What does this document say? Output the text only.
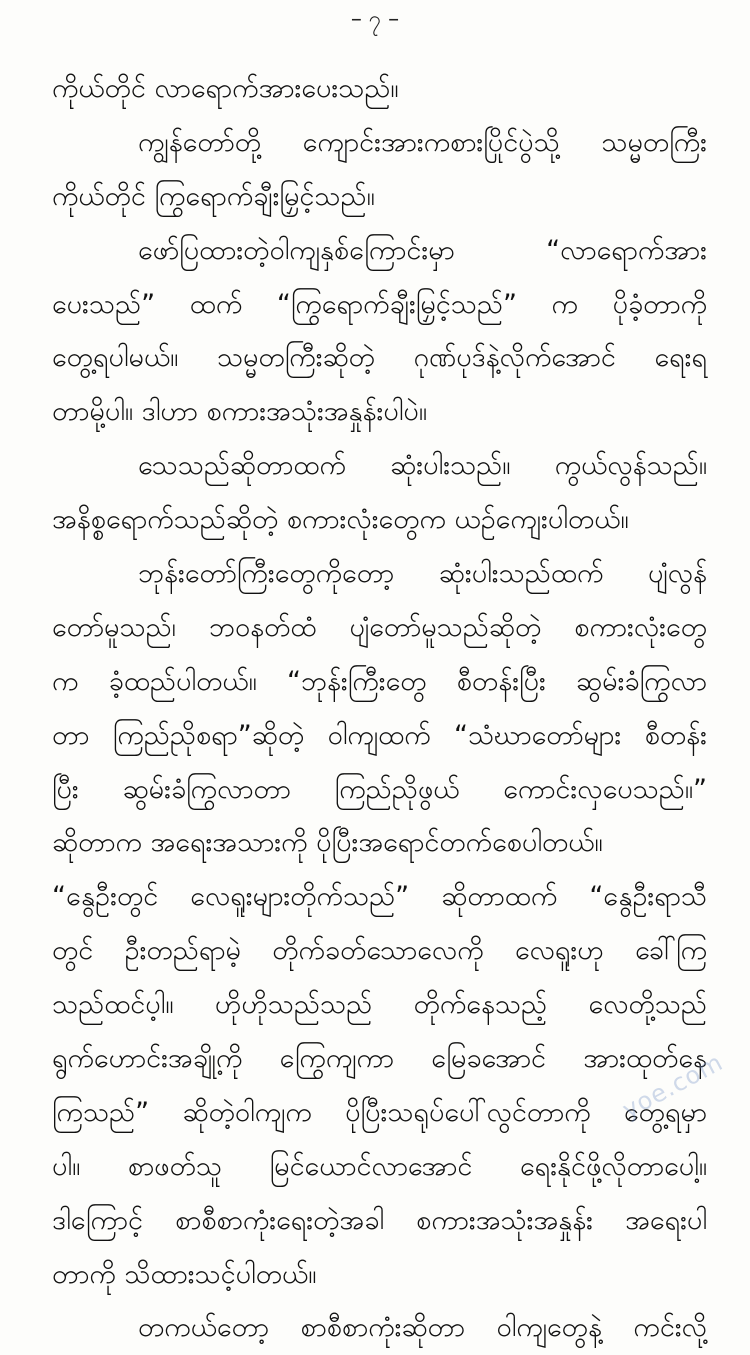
– ၇ –
ကိုယ်တိုင် လာရောက်အားပေးသည်။
ကျွန်တော်တို့ ကျောင်းအားကစားပြိုင်ပွဲသို့ သမ္မတကြီး
ကိုယ်တိုင် ကြွရောက်ချီးမြှင့်သည်။
ဖော်ပြထားတဲ့ဝါကျနှစ်ကြောင်းမှာ “လာရောက်အား
ပေးသည်” ထက် “ကြွရောက်ချီးမြှင့်သည်” က ပိုခံ့တာကို
တွေ့ရပါမယ်။ သမ္မတကြီးဆိုတဲ့ ဂုဏ်ပုဒ်နဲ့လိုက်အောင် ရေးရ
တာမို့ပါ။ ဒါဟာ စကားအသုံးအနှုန်းပါပဲ။
သေသည်ဆိုတာထက် ဆုံးပါးသည်။ ကွယ်လွန်သည်။
အနိစ္စရောက်သည်ဆိုတဲ့ စကားလုံးတွေက ယဉ်ကျေးပါတယ်။
ဘုန်းတော်ကြီးတွေကိုတော့ ဆုံးပါးသည်ထက် ပျံလွန်
တော်မူသည်၊ ဘဝနတ်ထံ ပျံတော်မူသည်ဆိုတဲ့ စကားလုံးတွေ
က ခံ့ထည်ပါတယ်။ “ဘုန်းကြီးတွေ စီတန်းပြီး ဆွမ်းခံကြွလာ
တာ ကြည်ညိုစရာ”ဆိုတဲ့ ဝါကျထက် “သံဃာတော်များ စီတန်း
ပြီး ဆွမ်းခံကြွလာတာ ကြည်ညိုဖွယ် ကောင်းလှပေသည်။”
ဆိုတာက အရေးအသားကို ပိုပြီးအရောင်တက်စေပါတယ်။
“နွေဦးတွင် လေရူးများတိုက်သည်” ဆိုတာထက် “နွေဦးရာသီ
တွင် ဦးတည်ရာမဲ့ တိုက်ခတ်သောလေကို လေရူးဟု ခေါ်ကြ
သည်ထင်ပ့ါ။ ဟိုဟိုသည်သည် တိုက်နေသည့် လေတို့သည်
ရွက်ဟောင်းအချို့ကို ကြွေကျကာ မြေခအောင် အားထုတ်နေ
ကြသည်” ဆိုတဲ့ဝါကျက ပိုပြီးသရုပ်ပေါ်လွင်တာကို တွေ့ရမှာ
ပါ။ စာဖတ်သူ မြင်ယောင်လာအောင် ရေးနိုင်ဖို့လိုတာပေါ့။
ဒါကြောင့် စာစီစာကုံးရေးတဲ့အခါ စကားအသုံးအနှုန်း အရေးပါ
တာကို သိထားသင့်ပါတယ်။
တကယ်တော့ စာစီစာကုံးဆိုတာ ဝါကျတွေနဲ့ ကင်းလို့
yoe.com
